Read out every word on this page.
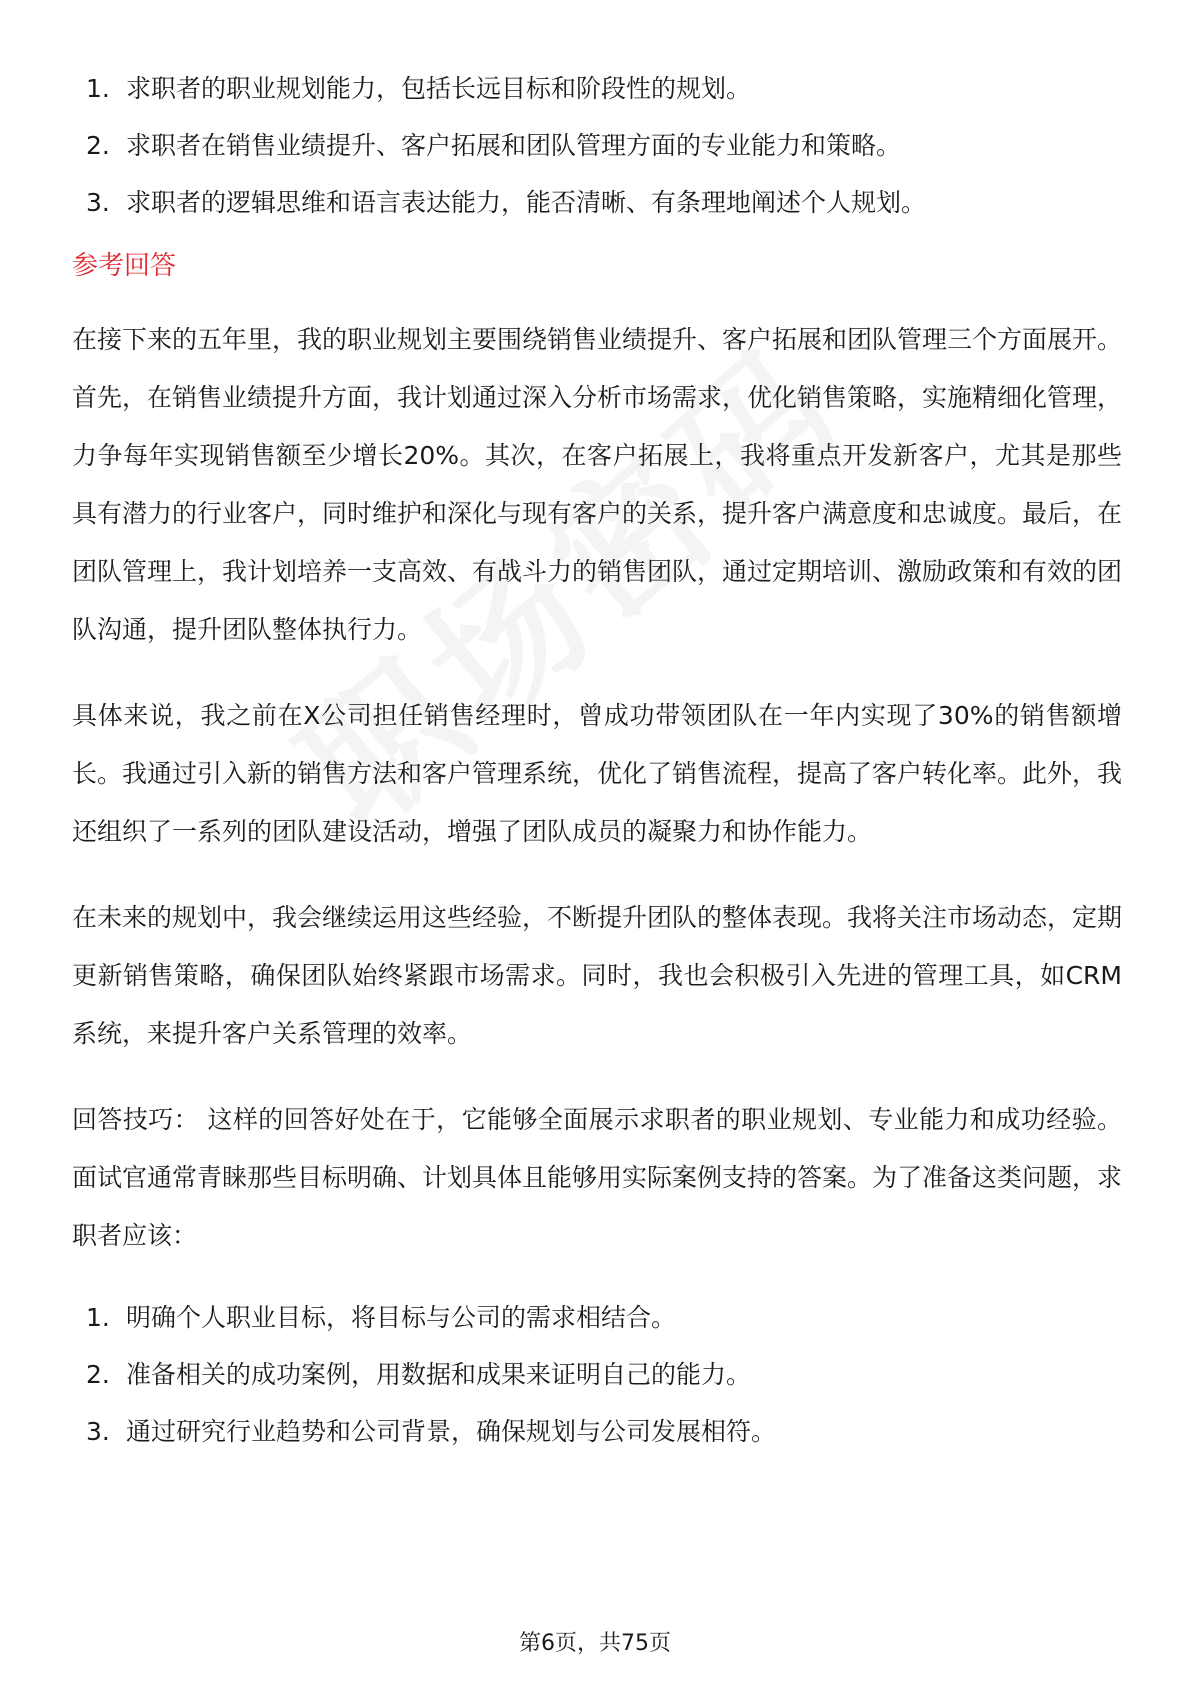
1. 求职者的职业规划能力，包括长远目标和阶段性的规划。
2. 求职者在销售业绩提升、客户拓展和团队管理方面的专业能力和策略。
3. 求职者的逻辑思维和语言表达能力，能否清晰、有条理地阐述个人规划。
参考回答

在接下来的五年里，我的职业规划主要围绕销售业绩提升、客户拓展和团队管理三个方面展开。首先，在销售业绩提升方面，我计划通过深入分析市场需求，优化销售策略，实施精细化管理，力争每年实现销售额至少增长20%。其次，在客户拓展上，我将重点开发新客户，尤其是那些具有潜力的行业客户，同时维护和深化与现有客户的关系，提升客户满意度和忠诚度。最后，在团队管理上，我计划培养一支高效、有战斗力的销售团队，通过定期培训、激励政策和有效的团队沟通，提升团队整体执行力。

具体来说，我之前在X公司担任销售经理时，曾成功带领团队在一年内实现了30%的销售额增长。我通过引入新的销售方法和客户管理系统，优化了销售流程，提高了客户转化率。此外，我还组织了一系列的团队建设活动，增强了团队成员的凝聚力和协作能力。

在未来的规划中，我会继续运用这些经验，不断提升团队的整体表现。我将关注市场动态，定期更新销售策略，确保团队始终紧跟市场需求。同时，我也会积极引入先进的管理工具，如CRM系统，来提升客户关系管理的效率。

回答技巧： 这样的回答好处在于，它能够全面展示求职者的职业规划、专业能力和成功经验。面试官通常青睐那些目标明确、计划具体且能够用实际案例支持的答案。为了准备这类问题，求职者应该：

1. 明确个人职业目标，将目标与公司的需求相结合。
2. 准备相关的成功案例，用数据和成果来证明自己的能力。
3. 通过研究行业趋势和公司背景，确保规划与公司发展相符。
第6页，共75页
